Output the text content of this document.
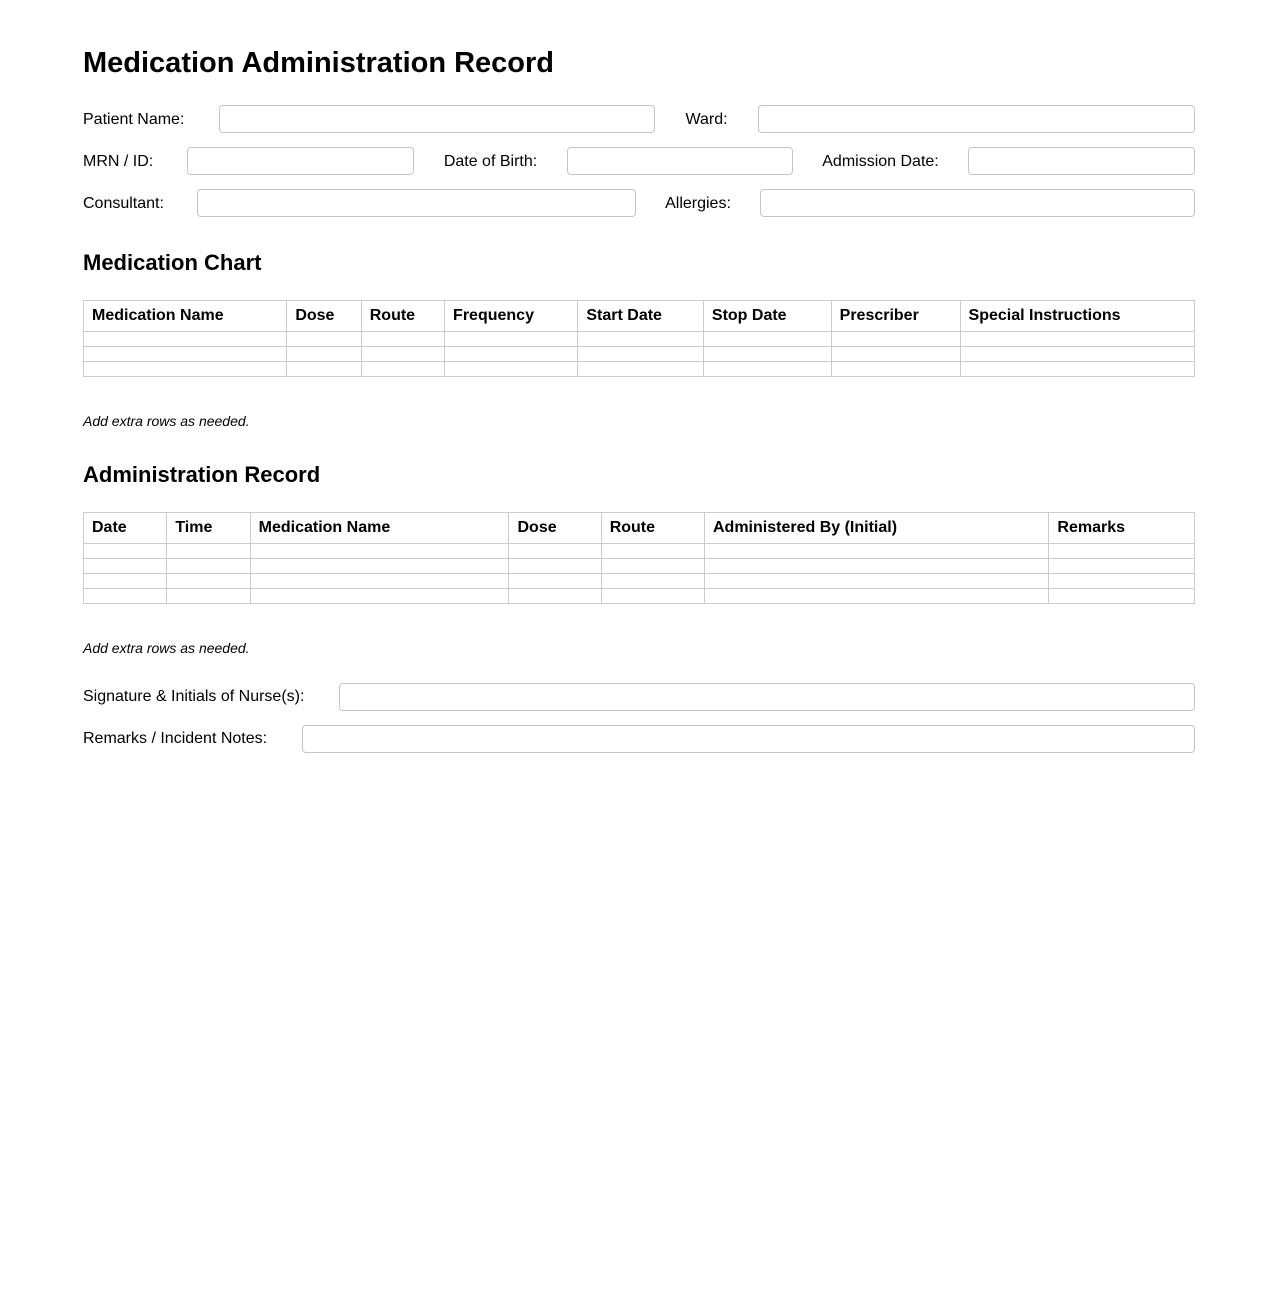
Medication Administration Record
Patient Name:	Ward:
MRN / ID:	Date of Birth:	Admission Date:
Consultant:	Allergies:
Medication Chart
Medication Name	Dose	Route	Frequency	Start Date	Stop Date	Prescriber	Special Instructions

Add extra rows as needed.

Administration Record
Date	Time	Medication Name	Dose	Route	Administered By (Initial)	Remarks

Add extra rows as needed.

Signature & Initials of Nurse(s):
Remarks / Incident Notes:
